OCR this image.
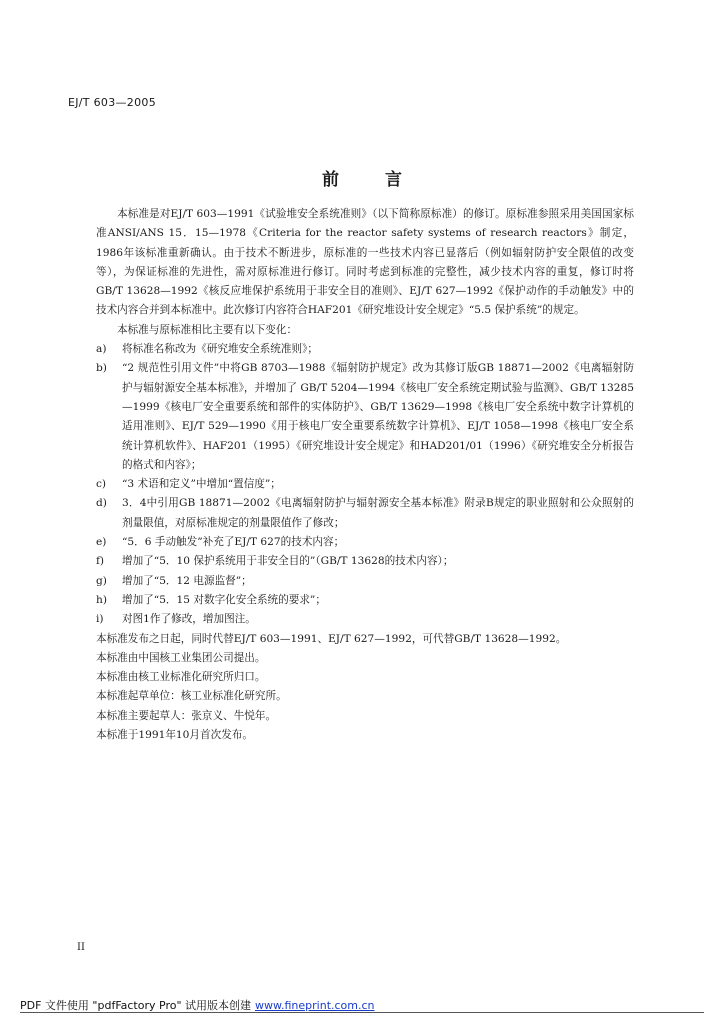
EJ/T 603—2005
前 言

本标准是对EJ/T 603—1991《试验堆安全系统准则》（以下简称原标准）的修订。原标准参照采用美国国家标准ANSI/ANS 15．15—1978《Criteria for the reactor safety systems of research reactors》制定，1986年该标准重新确认。由于技术不断进步，原标准的一些技术内容已显落后（例如辐射防护安全限值的改变等），为保证标准的先进性，需对原标准进行修订。同时考虑到标准的完整性，减少技术内容的重复，修订时将GB/T 13628—1992《核反应堆保护系统用于非安全目的准则》、EJ/T 627—1992《保护动作的手动触发》中的技术内容合并到本标准中。此次修订内容符合HAF201《研究堆设计安全规定》“5.5 保护系统”的规定。

本标准与原标准相比主要有以下变化：

a)	将标准名称改为《研究堆安全系统准则》；

b)	“2 规范性引用文件”中将GB 8703—1988《辐射防护规定》改为其修订版GB 18871—2002《电离辐射防护与辐射源安全基本标准》，并增加了 GB/T 5204—1994《核电厂安全系统定期试验与监测》、GB/T 13285—1999《核电厂安全重要系统和部件的实体防护》、GB/T 13629—1998《核电厂安全系统中数字计算机的适用准则》、EJ/T 529—1990《用于核电厂安全重要系统数字计算机》、EJ/T 1058—1998《核电厂安全系统计算机软件》、HAF201（1995）《研究堆设计安全规定》和HAD201/01（1996）《研究堆安全分析报告的格式和内容》；

c)	“3 术语和定义”中增加“置信度”；

d)	3．4中引用GB 18871—2002《电离辐射防护与辐射源安全基本标准》附录B规定的职业照射和公众照射的剂量限值，对原标准规定的剂量限值作了修改；

e)	“5．6 手动触发”补充了EJ/T 627的技术内容；

f)	增加了“5．10 保护系统用于非安全目的”（GB/T 13628的技术内容）；

g)	增加了“5．12 电源监督”；

h)	增加了“5．15 对数字化安全系统的要求”；

i)	对图1作了修改，增加图注。

本标准发布之日起，同时代替EJ/T 603—1991、EJ/T 627—1992，可代替GB/T 13628—1992。

本标准由中国核工业集团公司提出。

本标准由核工业标准化研究所归口。

本标准起草单位：核工业标准化研究所。

本标准主要起草人：张京义、牛悦年。

本标准于1991年10月首次发布。

II
PDF 文件使用 "pdfFactory Pro" 试用版本创建 www.fineprint.com.cn
